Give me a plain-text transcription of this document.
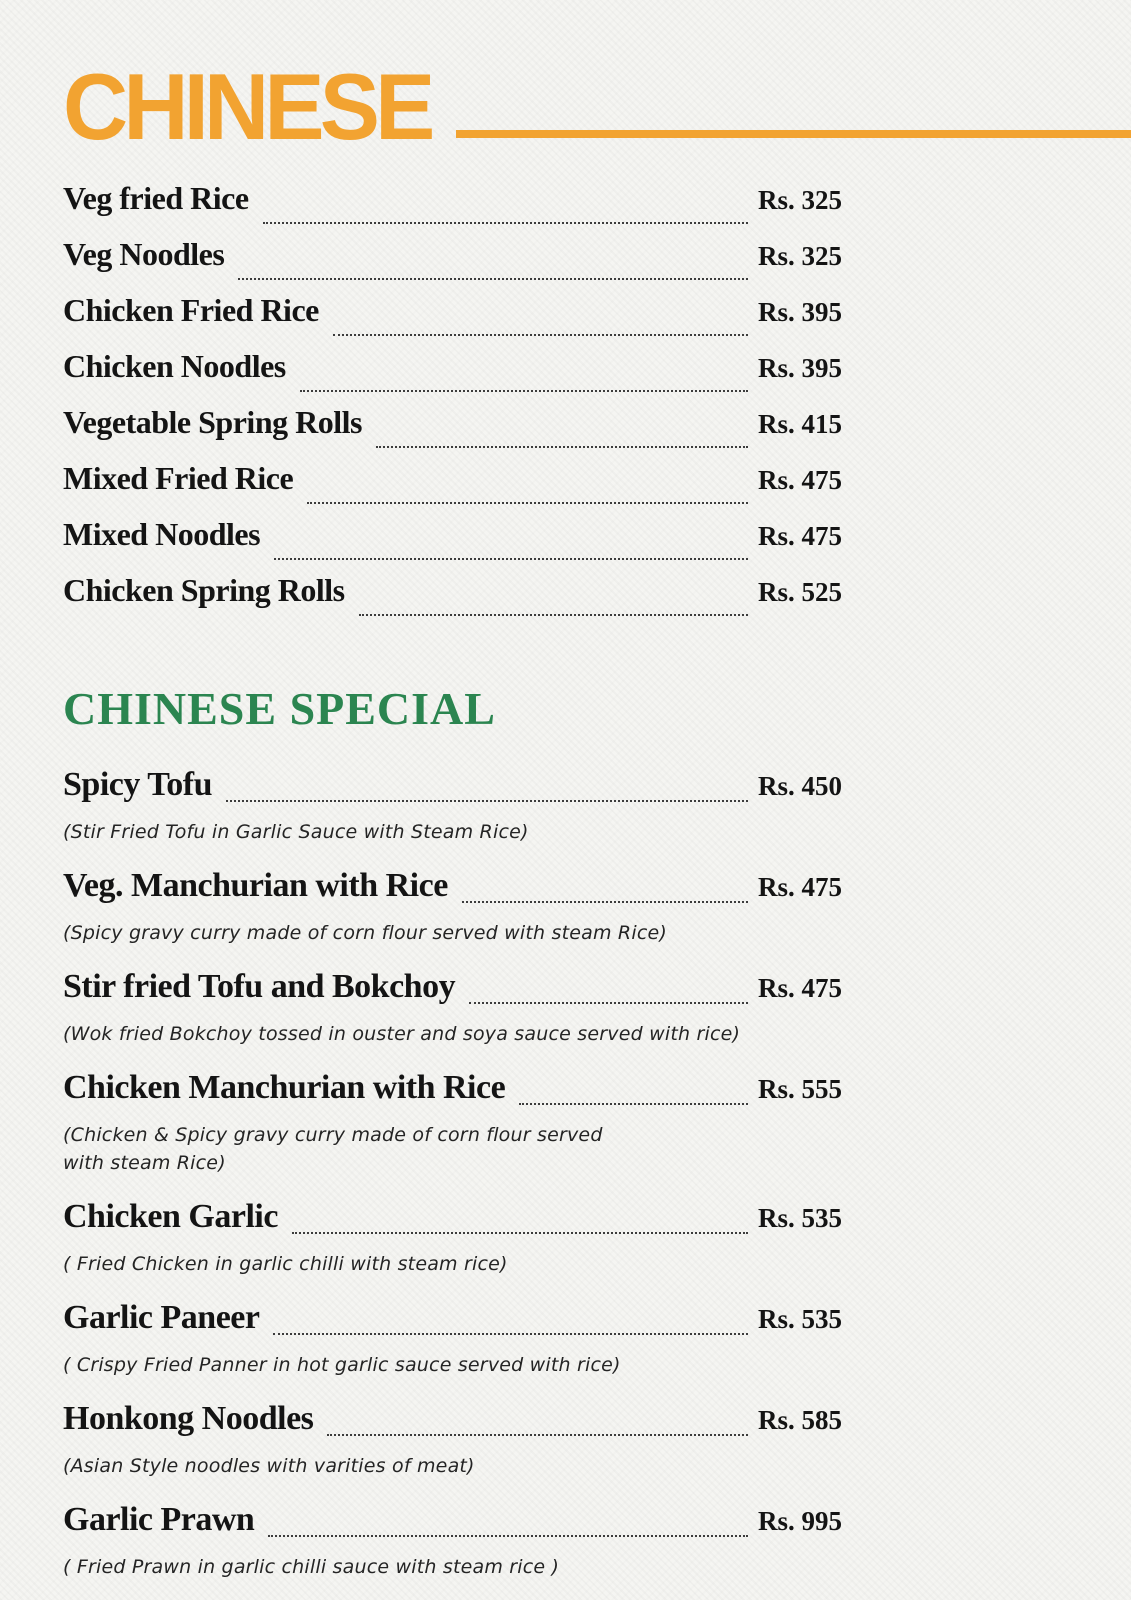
CHINESE
Veg fried Rice	Rs. 325
Veg Noodles	Rs. 325
Chicken Fried Rice	Rs. 395
Chicken Noodles	Rs. 395
Vegetable Spring Rolls	Rs. 415
Mixed Fried Rice	Rs. 475
Mixed Noodles	Rs. 475
Chicken Spring Rolls	Rs. 525
CHINESE SPECIAL
Spicy Tofu	Rs. 450

(Stir Fried Tofu in Garlic Sauce with Steam Rice)

Veg. Manchurian with Rice	Rs. 475

(Spicy gravy curry made of corn flour served with steam Rice)

Stir fried Tofu and Bokchoy	Rs. 475

(Wok fried Bokchoy tossed in ouster and soya sauce served with rice)

Chicken Manchurian with Rice	Rs. 555

(Chicken & Spicy gravy curry made of corn flour served with steam Rice)

Chicken Garlic	Rs. 535

( Fried Chicken in garlic chilli with steam rice)

Garlic Paneer	Rs. 535

( Crispy Fried Panner in hot garlic sauce served with rice)

Honkong Noodles	Rs. 585

(Asian Style noodles with varities of meat)

Garlic Prawn	Rs. 995

( Fried Prawn in garlic chilli sauce with steam rice )
